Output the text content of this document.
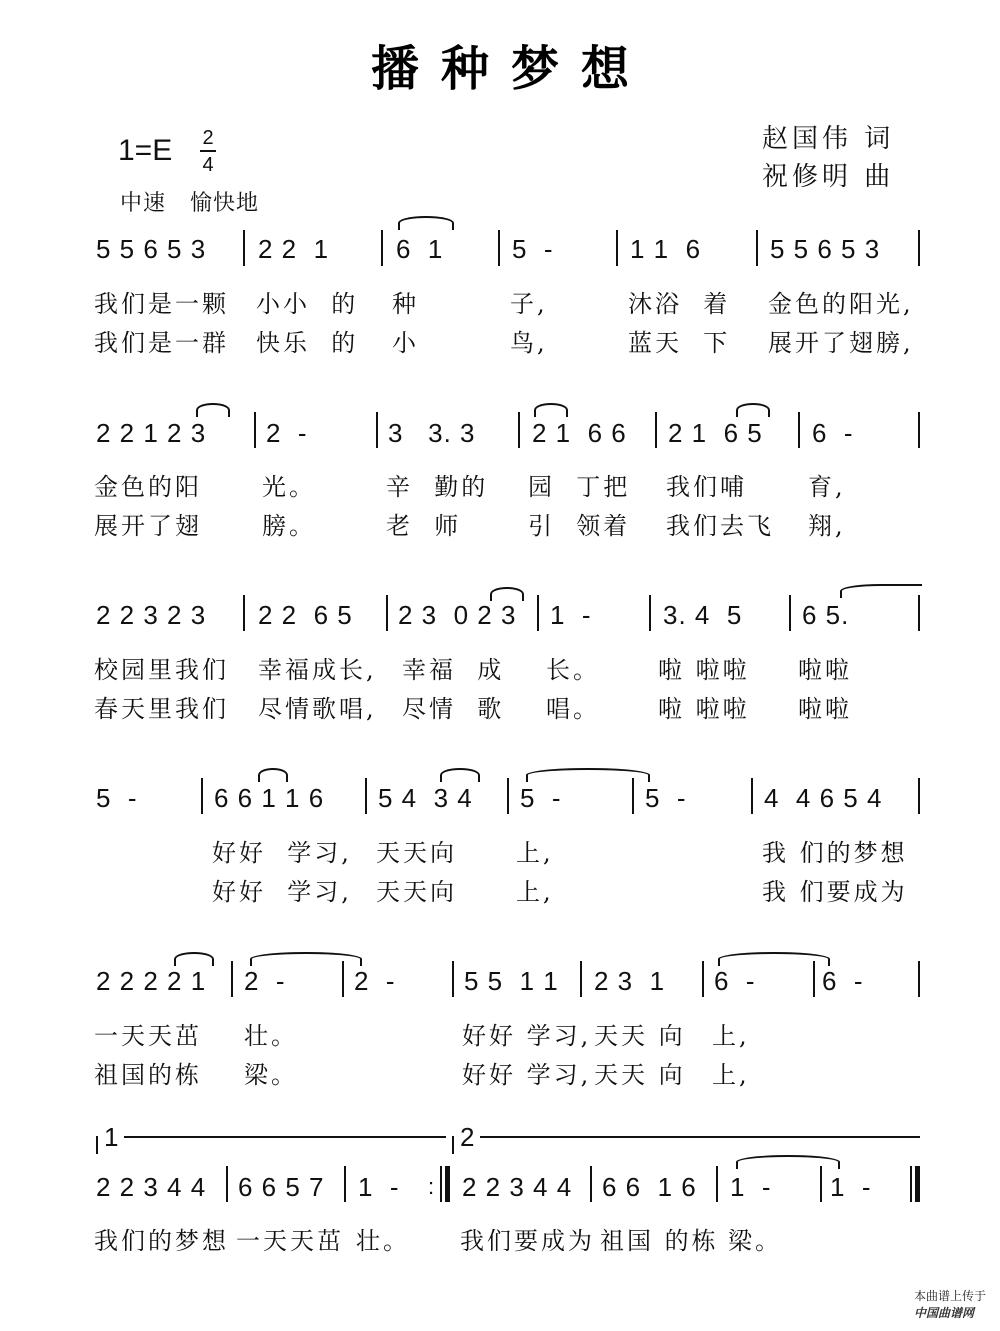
播种梦想
赵国伟 词
祝修明 曲
1=E 2
4
中速   愉快地
5 5 6 5 3 2 2  1	6  1	5  -	1 1  6	5 5 6 5 3
我们是一颗 小小  的 种	子,	沐浴  着 金色的阳光,
我们是一群 快乐  的 小	鸟,	蓝天  下 展开了翅膀,
2 2 1 2 3 2  -	3   3. 3 2 1  6 6 2 1  6 5 6  -
金色的阳	光。	辛  勤的 园  丁把 我们哺	育,
展开了翅	膀。	老  师	引  领着 我们去飞 翔,
2 2 3 2 3 2 2  6 5 2 3  0 2 3 1  -	3. 4  5 6 5.
校园里我们 幸福成长, 幸福  成 长。 啦 啦啦 啦啦
春天里我们 尽情歌唱, 尽情  歌 唱。 啦 啦啦 啦啦
5  -	6 6 1 1 6 5 4  3 4 5  -	5  -	4  4 6 5 4
好好  学习, 天天向 上,	我 们的梦想
好好  学习, 天天向 上,	我 们要成为
2 2 2 2 1 2  -	2  -	5 5  1 1 2 3  1 6  -	6  -
一天天茁 壮。	好好 学习, 天天 向 上,
祖国的栋 梁。	好好 学习, 天天 向 上,
1	2
2 2 3 4 4 6 6 5 7 1  - : 2 2 3 4 4 6 6  1 6 1  - 1  -
我们的梦想 一天天茁 壮。 我们要成为 祖国 的栋 梁。

本曲谱上传于
中国曲谱网
